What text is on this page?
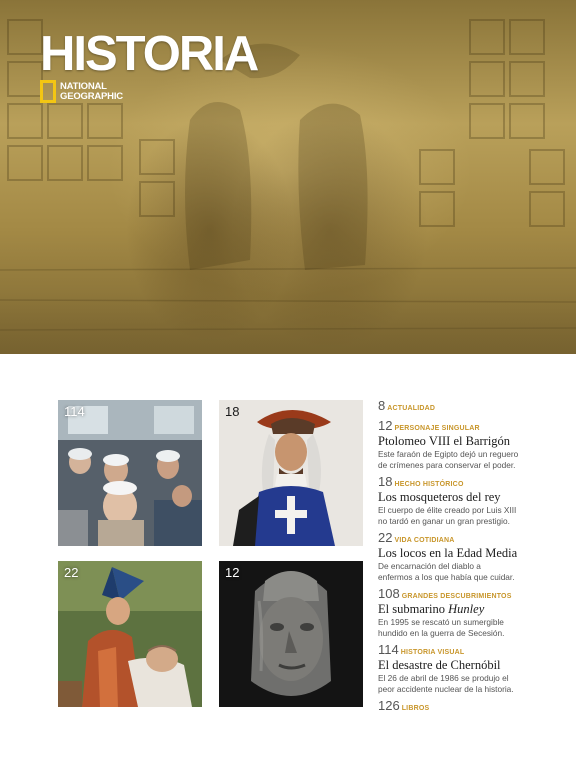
HISTORIA
NATIONAL
GEOGRAPHIC
114	18
22	12
8 ACTUALIDAD
12 PERSONAJE SINGULAR
Ptolomeo VIII el Barrigón
Este faraón de Egipto dejó un reguero
de crímenes para conservar el poder.
18 HECHO HISTÓRICO
Los mosqueteros del rey
El cuerpo de élite creado por Luis XIII
no tardó en ganar un gran prestigio.
22 VIDA COTIDIANA
Los locos en la Edad Media
De encarnación del diablo a
enfermos a los que había que cuidar.
108 GRANDES DESCUBRIMIENTOS
El submarino Hunley
En 1995 se rescató un sumergible
hundido en la guerra de Secesión.
114 HISTORIA VISUAL
El desastre de Chernóbil
El 26 de abril de 1986 se produjo el
peor accidente nuclear de la historia.
126 LIBROS
